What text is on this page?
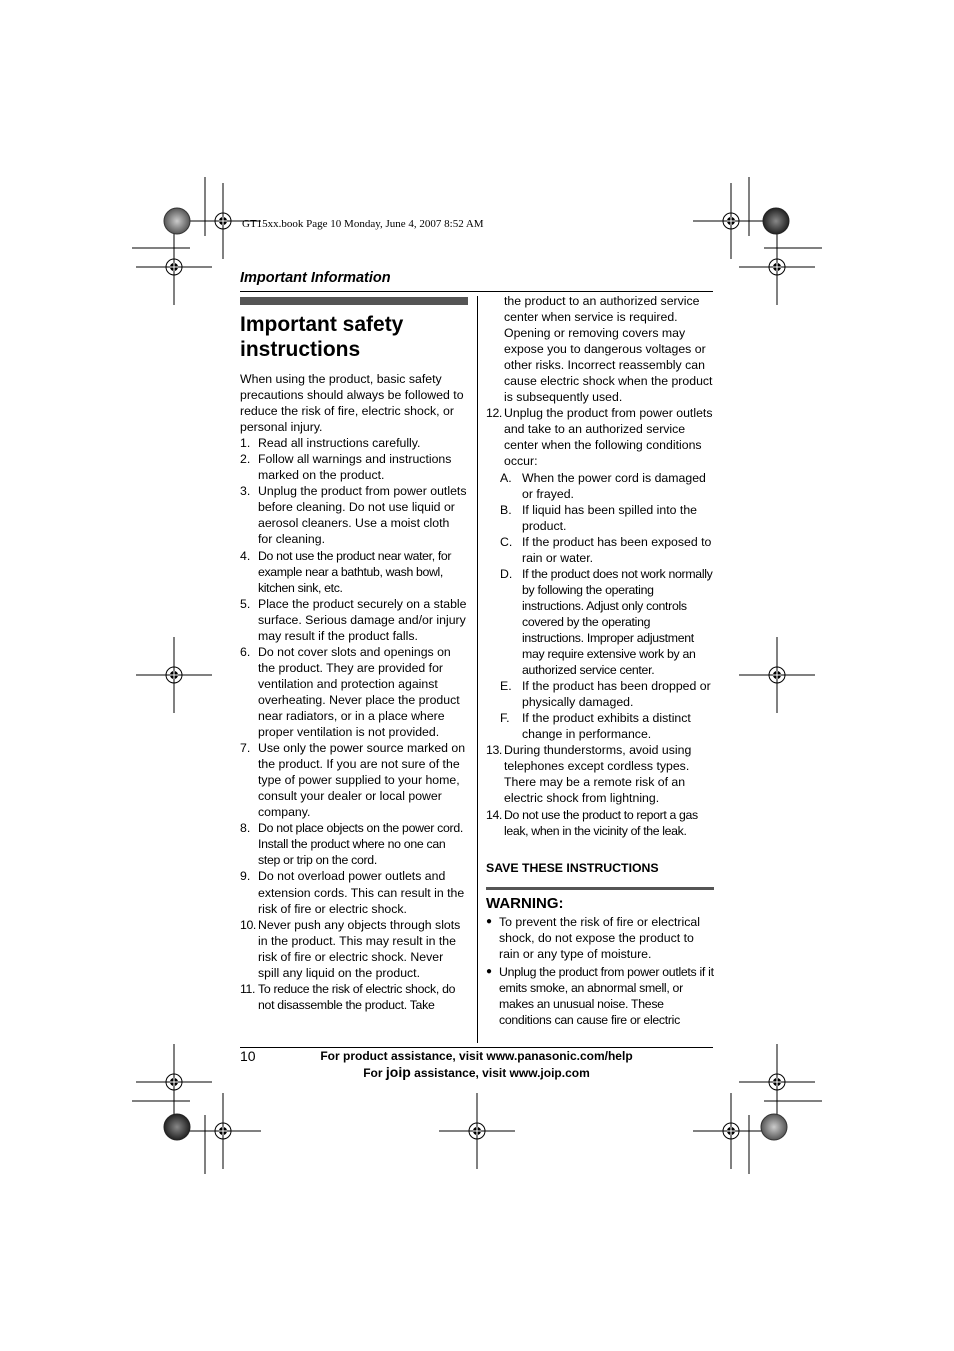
GT15xx.book Page 10 Monday, June 4, 2007 8:52 AM
Important Information
Important safety instructions

When using the product, basic safety precautions should always be followed to reduce the risk of fire, electric shock, or personal injury.

1. Read all instructions carefully.
2. Follow all warnings and instructions marked on the product.
3. Unplug the product from power outlets before cleaning. Do not use liquid or aerosol cleaners. Use a moist cloth for cleaning.
4. Do not use the product near water, for example near a bathtub, wash bowl, kitchen sink, etc.
5. Place the product securely on a stable surface. Serious damage and/or injury may result if the product falls.
6. Do not cover slots and openings on the product. They are provided for ventilation and protection against overheating. Never place the product near radiators, or in a place where proper ventilation is not provided.
7. Use only the power source marked on the product. If you are not sure of the type of power supplied to your home, consult your dealer or local power company.
8. Do not place objects on the power cord. Install the product where no one can step or trip on the cord.
9. Do not overload power outlets and extension cords. This can result in the risk of fire or electric shock.
10. Never push any objects through slots in the product. This may result in the risk of fire or electric shock. Never spill any liquid on the product.
11. To reduce the risk of electric shock, do not disassemble the product. Take
the product to an authorized service center when service is required. Opening or removing covers may expose you to dangerous voltages or other risks. Incorrect reassembly can cause electric shock when the product is subsequently used.
12. Unplug the product from power outlets and take to an authorized service center when the following conditions occur:
A. When the power cord is damaged or frayed.
B. If liquid has been spilled into the product.
C. If the product has been exposed to rain or water.
D. If the product does not work normally by following the operating instructions. Adjust only controls covered by the operating instructions. Improper adjustment may require extensive work by an authorized service center.
E. If the product has been dropped or physically damaged.
F.	If the product exhibits a distinct change in performance.
13. During thunderstorms, avoid using telephones except cordless types. There may be a remote risk of an electric shock from lightning.
14. Do not use the product to report a gas leak, when in the vicinity of the leak.
SAVE THESE INSTRUCTIONS
WARNING:
● To prevent the risk of fire or electrical shock, do not expose the product to rain or any type of moisture.
● Unplug the product from power outlets if it emits smoke, an abnormal smell, or makes an unusual noise. These conditions can cause fire or electric
10	For product assistance, visit www.panasonic.com/help
For joip assistance, visit www.joip.com
